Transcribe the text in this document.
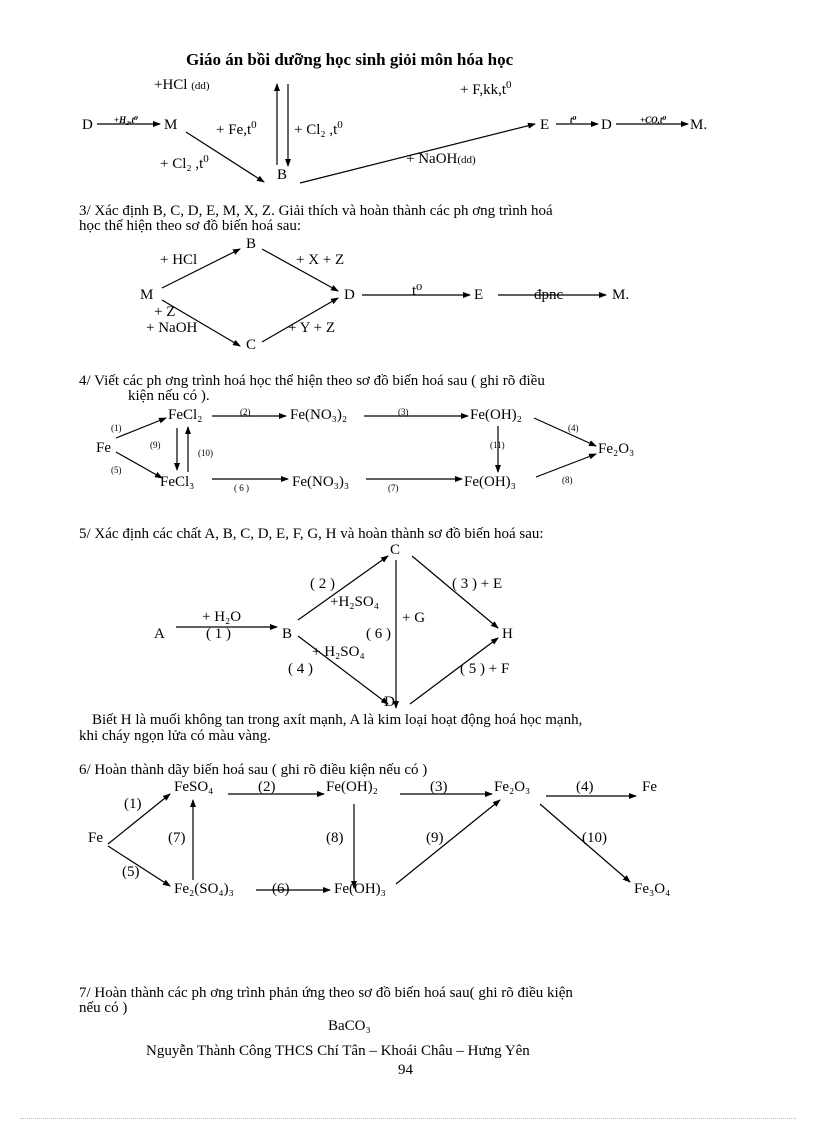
Giáo án bồi dưỡng học sinh giỏi môn hóa học
+HCl (dd)	+ $F,kk,t^0$
D +H₂,t⁰ M	+ $Fe,t^0 + Cl_2$ $,t^0$	E t⁰ D	+CO,t⁰ M.
+ Cl₂ $,t^0$	+ NaOH(dd)
B
3/ Xác định B, C, D, E, M, X, Z. Giải thích và hoàn thành các ph ơng trình hoá
học thể hiện theo sơ đồ biến hoá sau:
B
+ HCl	+ X + Z
M	D	t⁰	E	đpnc	M.
+ Z
+ NaOH	+ Y + Z
C
4/ Viết các ph ơng trình hoá học thể hiện theo sơ đồ biến hoá sau ( ghi rõ điều
kiện nếu có ).
(1)
FeCl₂	(2)	Fe(NO₃)₂	(3)	Fe(OH)₂
(4)
Fe	(9)
(10)
(11)	Fe₂O₃
(5)
FeCl₃	( 6 )	Fe(NO₃)₃	(7)	Fe(OH)₃	(8)
5/ Xác định các chất A, B, C, D, E, F, G, H và hoàn thành sơ đồ biến hoá sau:
C
( 2 )	( 3 ) + E
+H₂SO₄
+ G
+ H₂O
A	( 1 )	B	( 6 )	H
+ H₂SO₄
( 4 )	( 5 ) + F
D
Biết H là muối không tan trong axít mạnh, A là kim loại hoạt động hoá học mạnh,
khi cháy ngọn lửa có màu vàng.
6/ Hoàn thành dãy biến hoá sau ( ghi rõ điều kiện nếu có )
FeSO₄	(2)	Fe(OH)₂	(3)	Fe₂O₃	(4)	Fe
(1)
Fe	(7)	(8)	(9)	(10)
(5)
Fe₂(SO₄)₃	(6)	Fe(OH)₃	Fe₃O₄
7/ Hoàn thành các ph ơng trình phản ứng theo sơ đồ biến hoá sau( ghi rõ điều kiện
nếu có )
BaCO₃
Nguyễn Thành Công THCS Chí Tân – Khoái Châu – Hưng Yên
94
